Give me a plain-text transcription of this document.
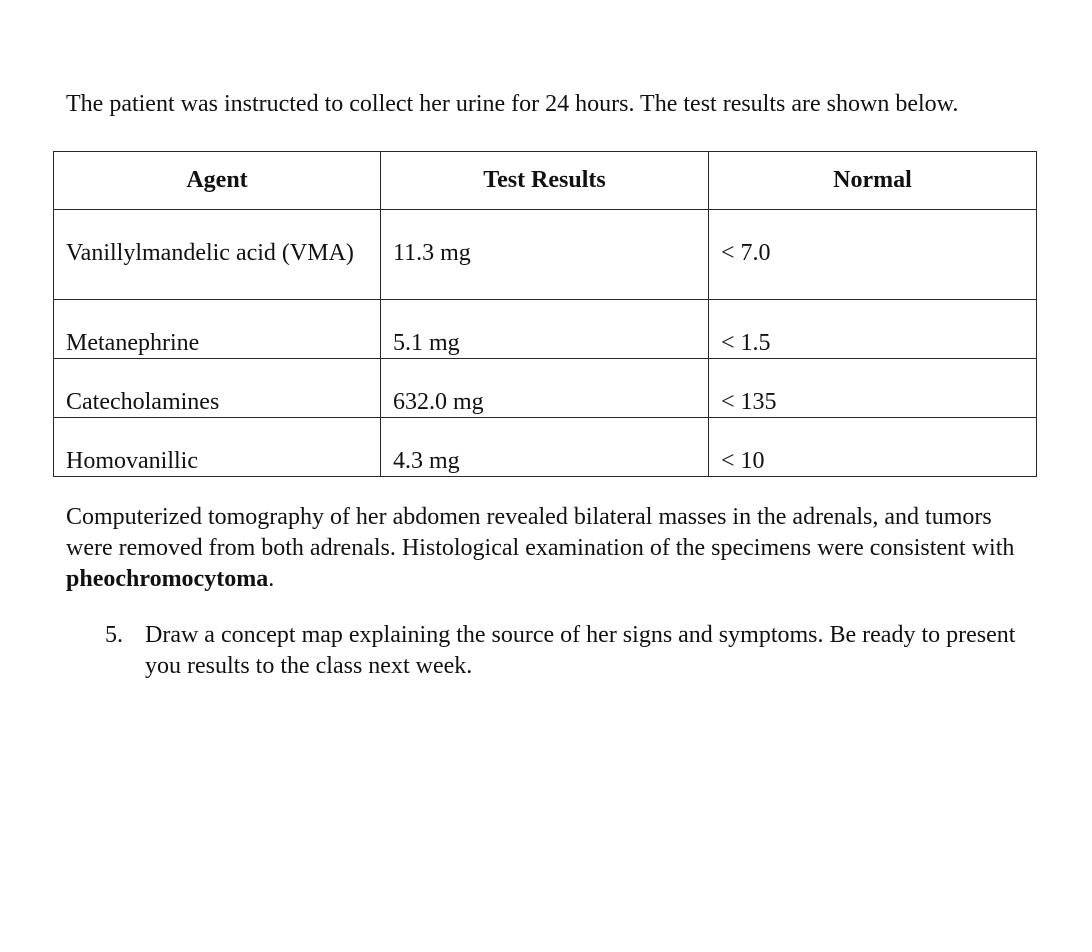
The patient was instructed to collect her urine for 24 hours. The test results are shown below.

Agent	Test Results	Normal
Vanillylmandelic acid (VMA)	11.3 mg	< 7.0
Metanephrine	5.1 mg	< 1.5
Catecholamines	632.0 mg	< 135
Homovanillic	4.3 mg	< 10

Computerized tomography of her abdomen revealed bilateral masses in the adrenals, and tumors were removed from both adrenals. Histological examination of the specimens were consistent with pheochromocytoma.

5. Draw a concept map explaining the source of her signs and symptoms. Be ready to present you results to the class next week.
